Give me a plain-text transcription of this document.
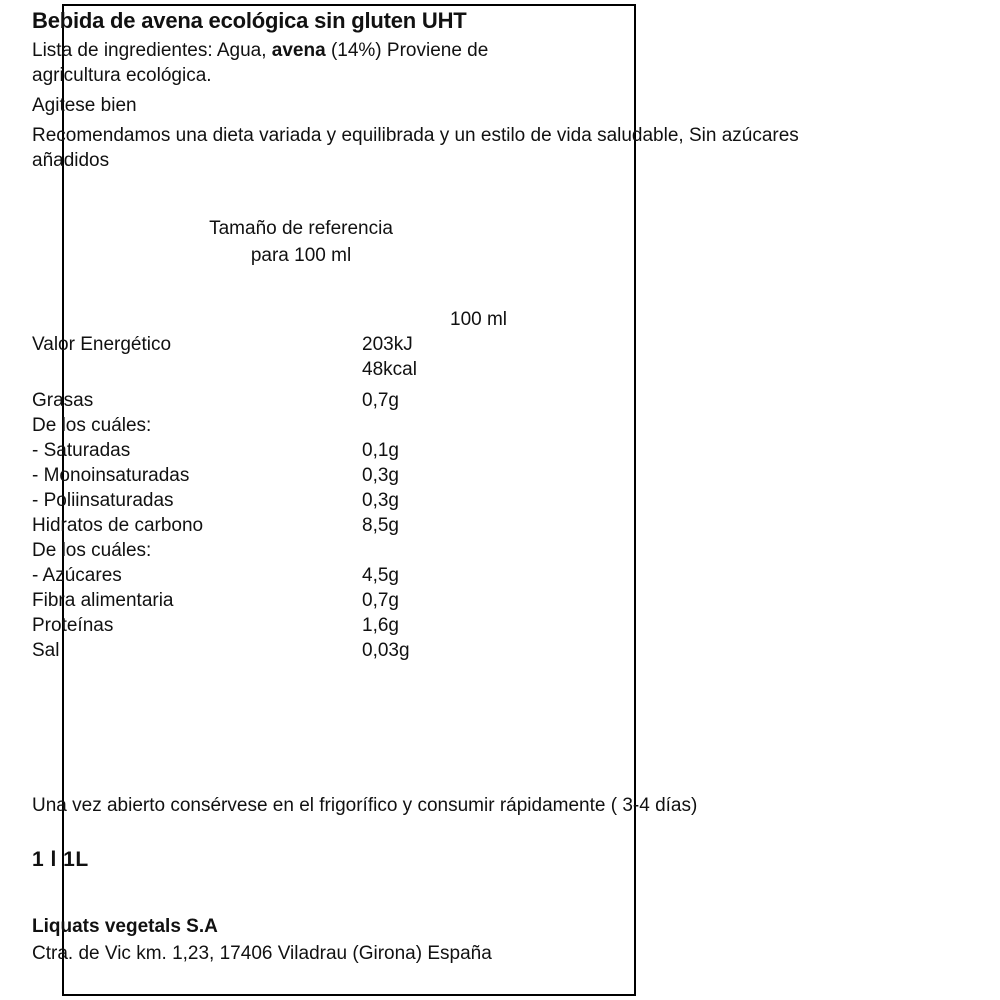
Bebida de avena ecológica sin gluten UHT

Lista de ingredientes: Agua, avena (14%) Proviene de agricultura ecológica.

Agitese bien

Recomendamos una dieta variada y equilibrada y un estilo de vida saludable, Sin azúcares añadidos

Tamaño de referencia
para 100 ml
	100 ml
Valor Energético	203kJ
	48kcal

Grasas	0,7g
De los cuáles:	
- Saturadas	0,1g
- Monoinsaturadas	0,3g
- Poliinsaturadas	0,3g
Hidratos de carbono	8,5g
De los cuáles:	
- Azúcares	4,5g
Fibra alimentaria	0,7g
Proteínas	1,6g
Sal	0,03g
Una vez abierto consérvese en el frigorífico y consumir rápidamente ( 3-4 días)
1 l 1L
Liquats vegetals S.A
Ctra. de Vic km. 1,23, 17406 Viladrau (Girona) España
